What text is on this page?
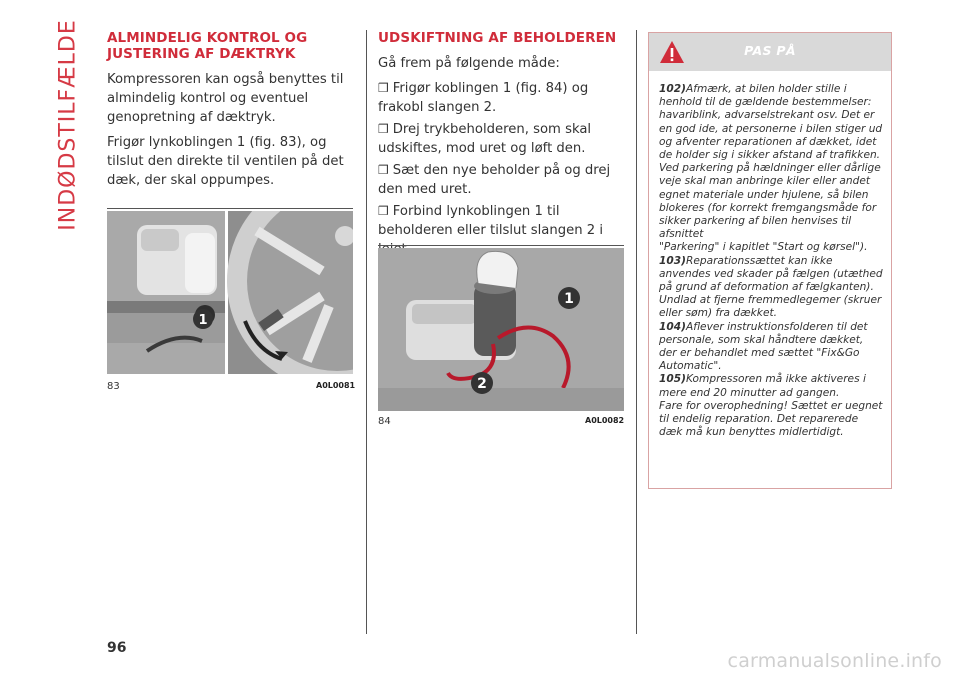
INDØDSTILFÆLDE ALMINDELIG KONTROL OG JUSTERING AF DÆKTRYK

Kompressoren kan også benyttes til almindelig kontrol og eventuel genopretning af dæktryk.

Frigør lynkoblingen 1 (fig. 83), og tilslut den direkte til ventilen på det dæk, der skal oppumpes.

1
83	A0L0081
UDSKIFTNING AF BEHOLDEREN

Gå frem på følgende måde:

❒ Frigør koblingen 1 (fig. 84) og frakobl slangen 2.

❒ Drej trykbeholderen, som skal udskiftes, mod uret og løft den.

❒ Sæt den nye beholder på og drej den med uret.

❒ Forbind lynkoblingen 1 til beholderen eller tilslut slangen 2 i

1
2
84	A0L0082
PAS PÅ
102)Afmærk, at bilen holder stille i henhold til de gældende bestemmelser: havariblink, advarselstrekant osv. Det er en god ide, at personerne i bilen stiger ud og afventer reparationen af dækket, idet de holder sig i sikker afstand af trafikken. Ved parkering på hældninger eller dårlige veje skal man anbringe kiler eller andet egnet materiale under hjulene, så bilen blokeres (for korrekt fremgangsmåde for sikker parkering af bilen henvises til afsnittet
"Parkering" i kapitlet "Start og kørsel").
103)Reparationssættet kan ikke anvendes ved skader på fælgen (utæthed på grund af deformation af fælgkanten). Undlad at fjerne fremmedlegemer (skruer eller søm) fra dækket.
104)Aflever instruktionsfolderen til det personale, som skal håndtere dækket, der er behandlet med sættet "Fix&Go Automatic".
105)Kompressoren må ikke aktiveres i mere end 20 minutter ad gangen.
Fare for overophedning! Sættet er uegnet til endelig reparation. Det reparerede dæk må kun benyttes midlertidigt.
96
carmanualsonline.info
